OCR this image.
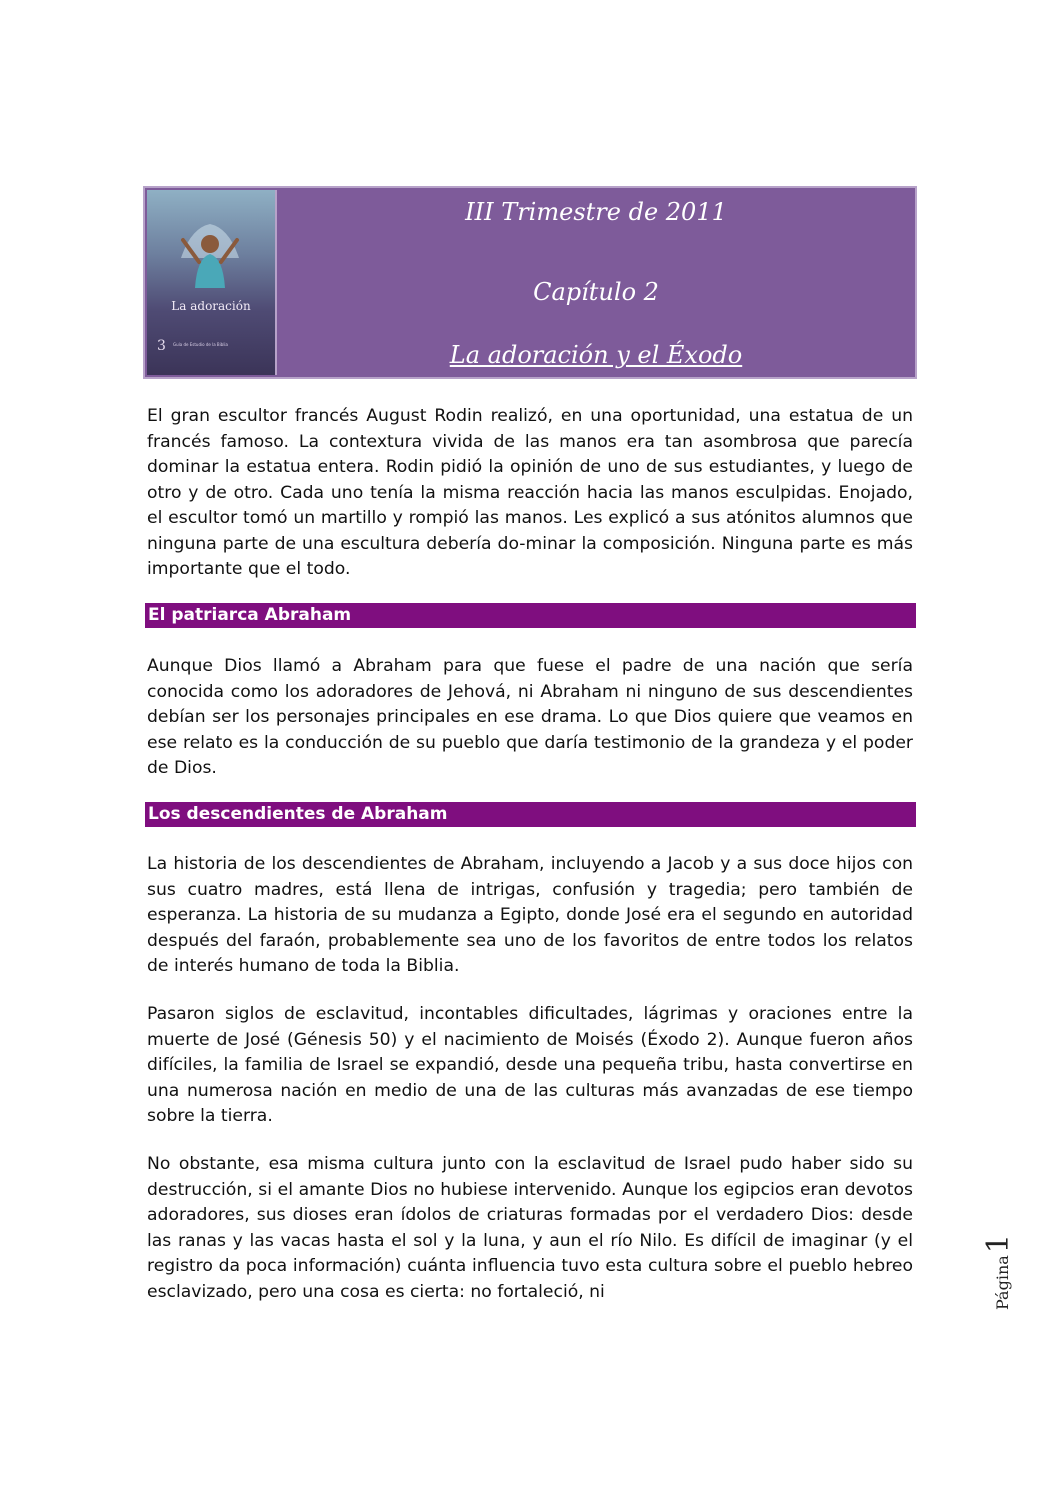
La adoración
3 Guía de Estudio de la Biblia
III Trimestre de 2011
Capítulo 2
La adoración y el Éxodo

El gran escultor francés August Rodin realizó, en una oportunidad, una estatua de un francés famoso. La contextura vivida de las manos era tan asombrosa que parecía dominar la estatua entera. Rodin pidió la opinión de uno de sus estudiantes, y luego de otro y de otro. Cada uno tenía la misma reacción hacia las manos esculpidas. Enojado, el escultor tomó un martillo y rompió las manos. Les explicó a sus atónitos alumnos que ninguna parte de una escultura debería do-minar la composición. Ninguna parte es más importante que el todo.

El patriarca Abraham

Aunque Dios llamó a Abraham para que fuese el padre de una nación que sería conocida como los adoradores de Jehová, ni Abraham ni ninguno de sus descendientes debían ser los personajes principales en ese drama. Lo que Dios quiere que veamos en ese relato es la conducción de su pueblo que daría testimonio de la grandeza y el poder de Dios.

Los descendientes de Abraham

La historia de los descendientes de Abraham, incluyendo a Jacob y a sus doce hijos con sus cuatro madres, está llena de intrigas, confusión y tragedia; pero también de esperanza. La historia de su mudanza a Egipto, donde José era el segundo en autoridad después del faraón, probablemente sea uno de los favoritos de entre todos los relatos de interés humano de toda la Biblia.

Pasaron siglos de esclavitud, incontables dificultades, lágrimas y oraciones entre la muerte de José (Génesis 50) y el nacimiento de Moisés (Éxodo 2). Aunque fueron años difíciles, la familia de Israel se expandió, desde una pequeña tribu, hasta convertirse en una numerosa nación en medio de una de las culturas más avanzadas de ese tiempo sobre la tierra.

No obstante, esa misma cultura junto con la esclavitud de Israel pudo haber sido su destrucción, si el amante Dios no hubiese intervenido. Aunque los egipcios eran devotos adoradores, sus dioses eran ídolos de criaturas formadas por el verdadero Dios: desde las ranas y las vacas hasta el sol y la luna, y aun el río Nilo. Es difícil de imaginar (y el registro da poca información) cuánta influencia tuvo esta cultura sobre el pueblo hebreo esclavizado, pero una cosa es cierta: no fortaleció, ni	Página1
